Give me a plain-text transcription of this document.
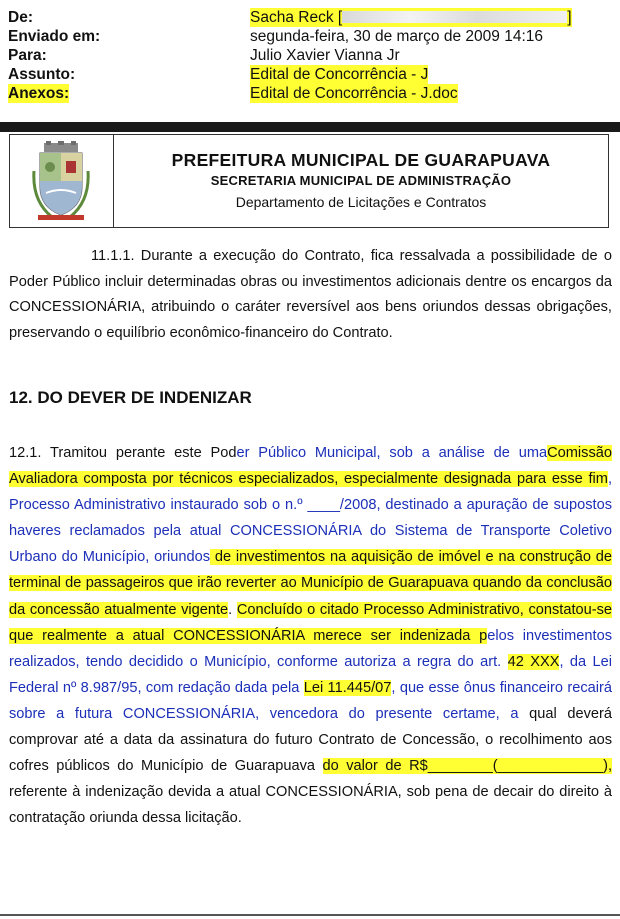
De:	Sacha Reck [	]
Enviado em:	segunda-feira, 30 de março de 2009 14:16
Para:	Julio Xavier Vianna Jr
Assunto:	Edital de Concorrência - J
Anexos:	Edital de Concorrência - J.doc
PREFEITURA MUNICIPAL DE GUARAPUAVA
SECRETARIA MUNICIPAL DE ADMINISTRAÇÃO
Departamento de Licitações e Contratos
11.1.1. Durante a execução do Contrato, fica ressalvada a possibilidade de o Poder Público incluir determinadas obras ou investimentos adicionais dentre os encargos da CONCESSIONÁRIA, atribuindo o caráter reversível aos bens oriundos dessas obrigações, preservando o equilíbrio econômico-financeiro do Contrato.
12. DO DEVER DE INDENIZAR
12.1. Tramitou perante este Poder Público Municipal, sob a análise de umaComissão Avaliadora composta por técnicos especializados, especialmente designada para esse fim, Processo Administrativo instaurado sob o n.º ____/2008, destinado a apuração de supostos haveres reclamados pela atual CONCESSIONÁRIA do Sistema de Transporte Coletivo Urbano do Município, oriundos de investimentos na aquisição de imóvel e na construção de terminal de passageiros que irão reverter ao Município de Guarapuava quando da conclusão da concessão atualmente vigente. Concluído o citado Processo Administrativo, constatou-se que realmente a atual CONCESSIONÁRIA merece ser indenizada pelos investimentos realizados, tendo decidido o Município, conforme autoriza a regra do art. 42 XXX, da Lei Federal nº 8.987/95, com redação dada pela Lei 11.445/07, que esse ônus financeiro recairá sobre a futura CONCESSIONÁRIA, vencedora do presente certame, a qual deverá comprovar até a data da assinatura do futuro Contrato de Concessão, o recolhimento aos cofres públicos do Município de Guarapuava do valor de R$________(_____________), referente à indenização devida a atual CONCESSIONÁRIA, sob pena de decair do direito à contratação oriunda dessa licitação.
